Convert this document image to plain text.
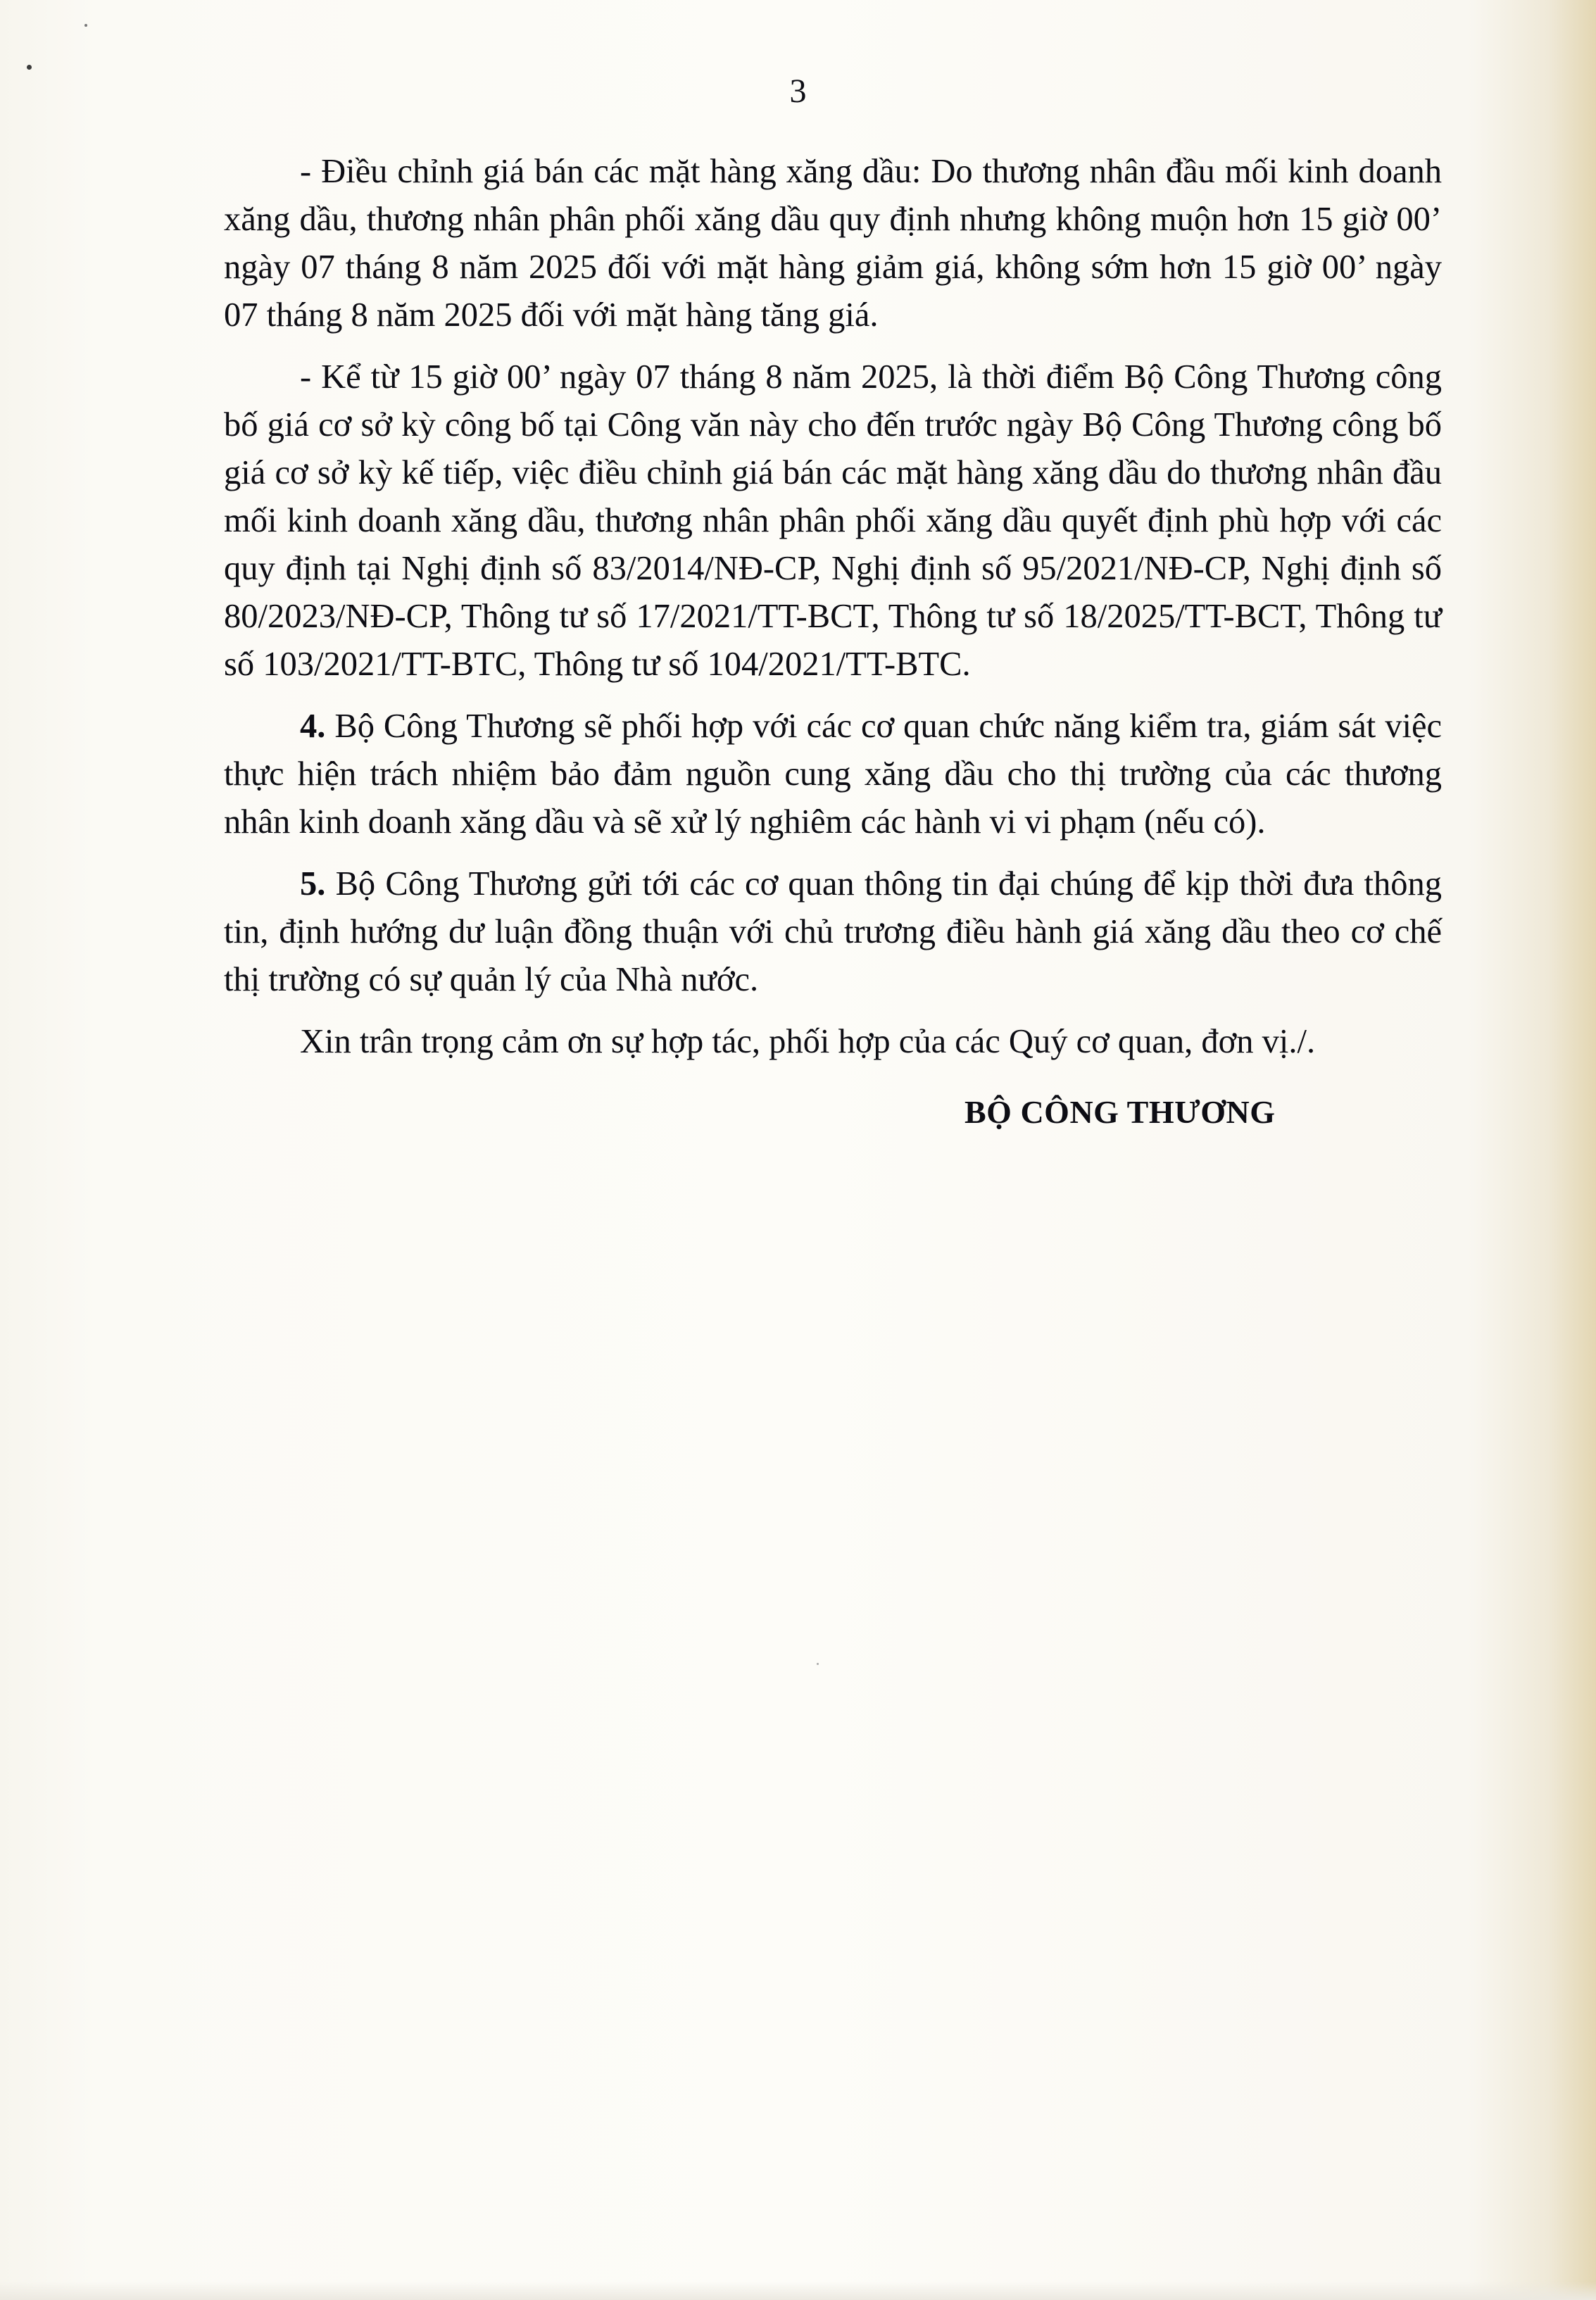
3

- Điều chỉnh giá bán các mặt hàng xăng dầu: Do thương nhân đầu mối kinh doanh xăng dầu, thương nhân phân phối xăng dầu quy định nhưng không muộn hơn 15 giờ 00’ ngày 07 tháng 8 năm 2025 đối với mặt hàng giảm giá, không sớm hơn 15 giờ 00’ ngày 07 tháng 8 năm 2025 đối với mặt hàng tăng giá.

- Kể từ 15 giờ 00’ ngày 07 tháng 8 năm 2025, là thời điểm Bộ Công Thương công bố giá cơ sở kỳ công bố tại Công văn này cho đến trước ngày Bộ Công Thương công bố giá cơ sở kỳ kế tiếp, việc điều chỉnh giá bán các mặt hàng xăng dầu do thương nhân đầu mối kinh doanh xăng dầu, thương nhân phân phối xăng dầu quyết định phù hợp với các quy định tại Nghị định số 83/2014/NĐ-CP, Nghị định số 95/2021/NĐ-CP, Nghị định số 80/2023/NĐ-CP, Thông tư số 17/2021/TT-BCT, Thông tư số 18/2025/TT-BCT, Thông tư số 103/2021/TT-BTC, Thông tư số 104/2021/TT-BTC.

4. Bộ Công Thương sẽ phối hợp với các cơ quan chức năng kiểm tra, giám sát việc thực hiện trách nhiệm bảo đảm nguồn cung xăng dầu cho thị trường của các thương nhân kinh doanh xăng dầu và sẽ xử lý nghiêm các hành vi vi phạm (nếu có).

5. Bộ Công Thương gửi tới các cơ quan thông tin đại chúng để kịp thời đưa thông tin, định hướng dư luận đồng thuận với chủ trương điều hành giá xăng dầu theo cơ chế thị trường có sự quản lý của Nhà nước.

Xin trân trọng cảm ơn sự hợp tác, phối hợp của các Quý cơ quan, đơn vị./.

BỘ CÔNG THƯƠNG
